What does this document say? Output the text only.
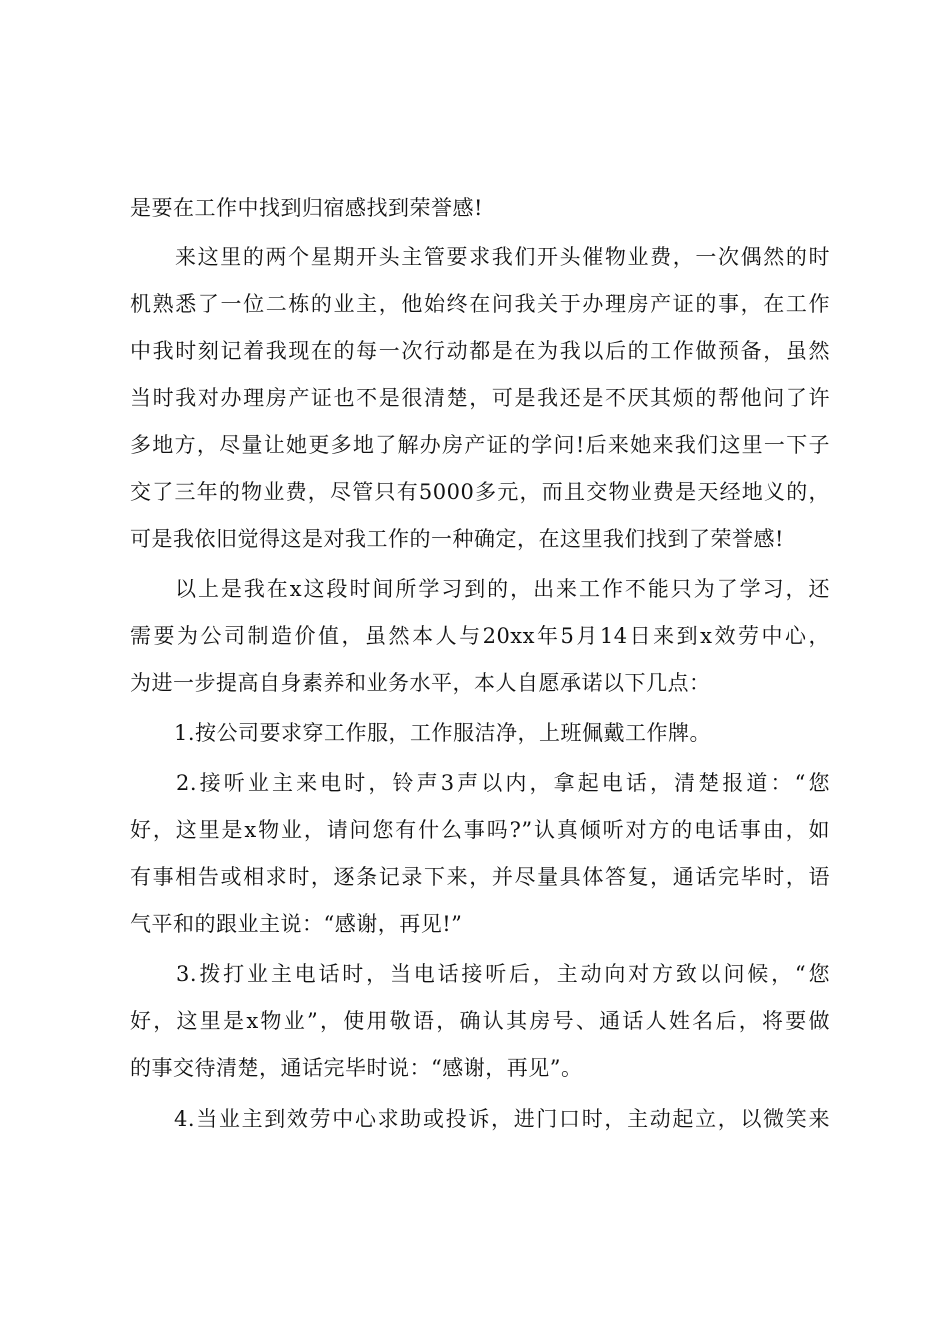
是要在工作中找到归宿感找到荣誉感!
来这里的两个星期开头主管要求我们开头催物业费，一次偶然的时
机熟悉了一位二栋的业主，他始终在问我关于办理房产证的事，在工作
中我时刻记着我现在的每一次行动都是在为我以后的工作做预备，虽然
当时我对办理房产证也不是很清楚，可是我还是不厌其烦的帮他问了许
多地方，尽量让她更多地了解办房产证的学问!后来她来我们这里一下子
交了三年的物业费，尽管只有5000多元，而且交物业费是天经地义的，
可是我依旧觉得这是对我工作的一种确定，在这里我们找到了荣誉感!
以上是我在x这段时间所学习到的，出来工作不能只为了学习，还
需要为公司制造价值，虽然本人与20xx年5月14日来到x效劳中心，
为进一步提高自身素养和业务水平，本人自愿承诺以下几点：
1.按公司要求穿工作服，工作服洁净，上班佩戴工作牌。
2.接听业主来电时，铃声3声以内，拿起电话，清楚报道：“您
好，这里是x物业，请问您有什么事吗?”认真倾听对方的电话事由，如
有事相告或相求时，逐条记录下来，并尽量具体答复，通话完毕时，语
气平和的跟业主说：“感谢，再见!”
3.拨打业主电话时，当电话接听后，主动向对方致以问候，“您
好，这里是x物业”，使用敬语，确认其房号、通话人姓名后，将要做
的事交待清楚，通话完毕时说：“感谢，再见”。
4.当业主到效劳中心求助或投诉，进门口时，主动起立，以微笑来
